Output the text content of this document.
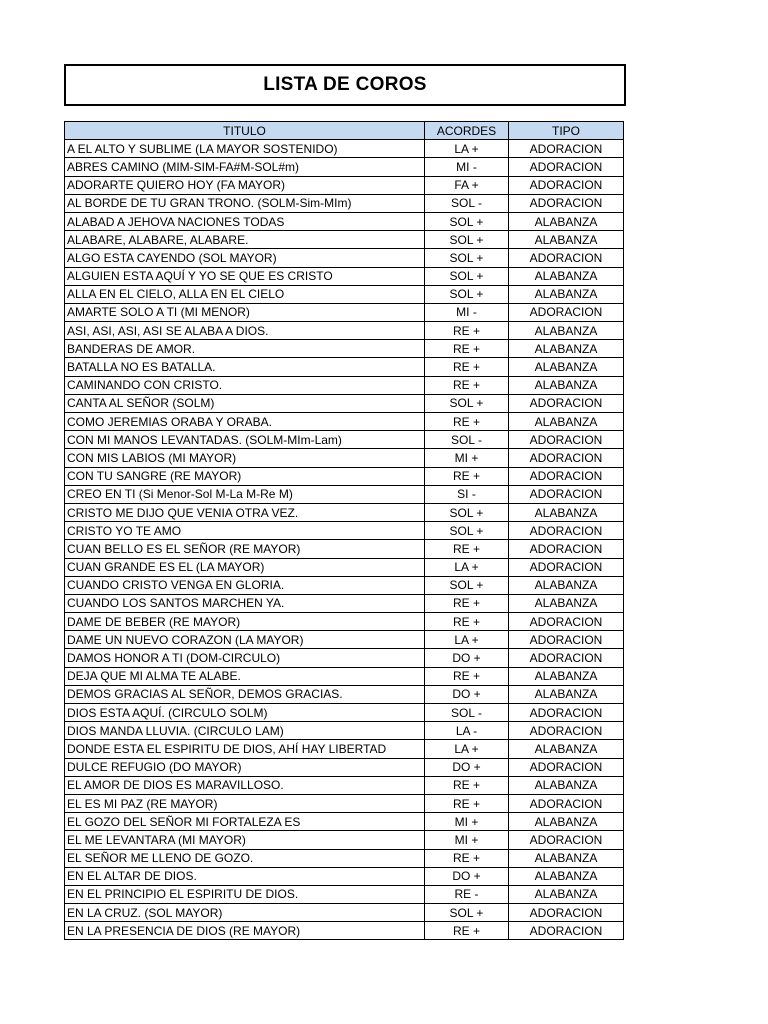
LISTA DE COROS
TITULO	ACORDES	TIPO
A EL ALTO Y SUBLIME (LA MAYOR SOSTENIDO)	LA +	ADORACION
ABRES CAMINO (MIM-SIM-FA#M-SOL#m)	MI -	ADORACION
ADORARTE QUIERO HOY (FA MAYOR)	FA +	ADORACION
AL BORDE DE TU GRAN TRONO. (SOLM-Sim-MIm)	SOL -	ADORACION
ALABAD A JEHOVA NACIONES TODAS	SOL +	ALABANZA
ALABARE, ALABARE, ALABARE.	SOL +	ALABANZA
ALGO ESTA CAYENDO (SOL MAYOR)	SOL +	ADORACION
ALGUIEN ESTA AQUÍ Y YO SE QUE ES CRISTO	SOL +	ALABANZA
ALLA EN EL CIELO, ALLA EN EL CIELO	SOL +	ALABANZA
AMARTE SOLO A TI (MI MENOR)	MI -	ADORACION
ASI, ASI, ASI, ASI SE ALABA A DIOS.	RE +	ALABANZA
BANDERAS DE AMOR.	RE +	ALABANZA
BATALLA NO ES BATALLA.	RE +	ALABANZA
CAMINANDO CON CRISTO.	RE +	ALABANZA
CANTA AL SEÑOR (SOLM)	SOL +	ADORACION
COMO JEREMIAS ORABA Y ORABA.	RE +	ALABANZA
CON MI MANOS LEVANTADAS. (SOLM-MIm-Lam)	SOL -	ADORACION
CON MIS LABIOS (MI MAYOR)	MI +	ADORACION
CON TU SANGRE (RE MAYOR)	RE +	ADORACION
CREO EN TI (Si Menor-Sol M-La M-Re M)	SI -	ADORACION
CRISTO ME DIJO QUE VENIA OTRA VEZ.	SOL +	ALABANZA
CRISTO YO TE AMO	SOL +	ADORACION
CUAN BELLO ES EL SEÑOR (RE MAYOR)	RE +	ADORACION
CUAN GRANDE ES EL (LA MAYOR)	LA +	ADORACION
CUANDO CRISTO VENGA EN GLORIA.	SOL +	ALABANZA
CUANDO LOS SANTOS MARCHEN YA.	RE +	ALABANZA
DAME DE BEBER (RE MAYOR)	RE +	ADORACION
DAME UN NUEVO CORAZON (LA MAYOR)	LA +	ADORACION
DAMOS HONOR A TI (DOM-CIRCULO)	DO +	ADORACION
DEJA QUE MI ALMA TE ALABE.	RE +	ALABANZA
DEMOS GRACIAS AL SEÑOR, DEMOS GRACIAS.	DO +	ALABANZA
DIOS ESTA AQUÍ. (CIRCULO SOLM)	SOL -	ADORACION
DIOS MANDA LLUVIA. (CIRCULO LAM)	LA -	ADORACION
DONDE ESTA EL ESPIRITU DE DIOS, AHÍ HAY LIBERTAD	LA +	ALABANZA
DULCE REFUGIO (DO MAYOR)	DO +	ADORACION
EL AMOR DE DIOS ES MARAVILLOSO.	RE +	ALABANZA
EL ES MI PAZ (RE MAYOR)	RE +	ADORACION
EL GOZO DEL SEÑOR MI FORTALEZA ES	MI +	ALABANZA
EL ME LEVANTARA (MI MAYOR)	MI +	ADORACION
EL SEÑOR ME LLENO DE GOZO.	RE +	ALABANZA
EN EL ALTAR DE DIOS.	DO +	ALABANZA
EN EL PRINCIPIO EL ESPIRITU DE DIOS.	RE -	ALABANZA
EN LA CRUZ. (SOL MAYOR)	SOL +	ADORACION
EN LA PRESENCIA DE DIOS (RE MAYOR)	RE +	ADORACION
